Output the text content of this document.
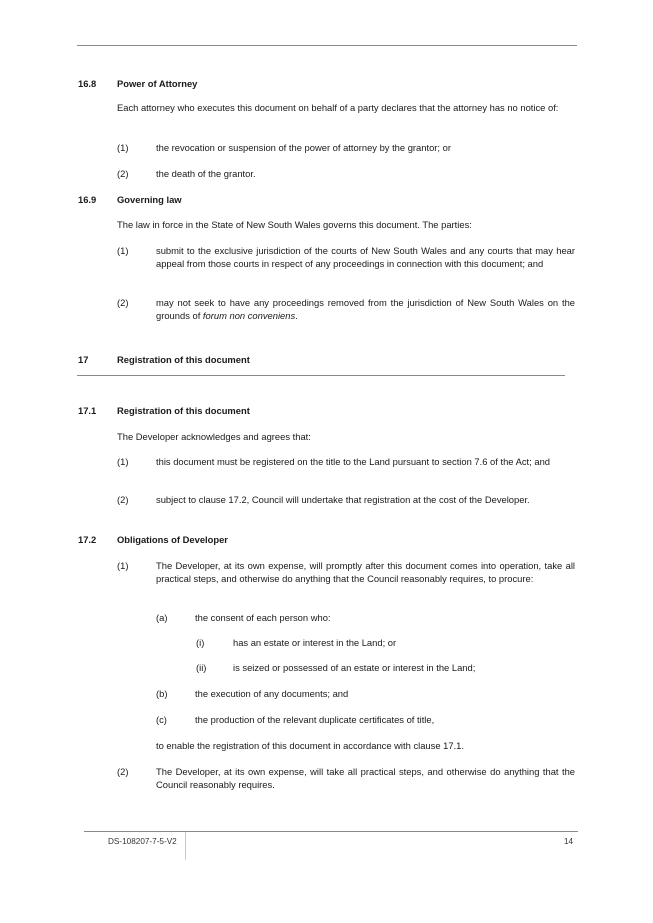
16.8 Power of Attorney
Each attorney who executes this document on behalf of a party declares that the attorney has no notice of:
(1)	the revocation or suspension of the power of attorney by the grantor; or
(2)	the death of the grantor.
16.9 Governing law
The law in force in the State of New South Wales governs this document. The parties:
(1)	submit to the exclusive jurisdiction of the courts of New South Wales and any courts that may hear appeal from those courts in respect of any proceedings in connection with this document; and
(2)	may not seek to have any proceedings removed from the jurisdiction of New South Wales on the grounds of forum non conveniens.
17	Registration of this document
17.1 Registration of this document
The Developer acknowledges and agrees that:
(1)	this document must be registered on the title to the Land pursuant to section 7.6 of the Act; and
(2)	subject to clause 17.2, Council will undertake that registration at the cost of the Developer.
17.2 Obligations of Developer
(1)	The Developer, at its own expense, will promptly after this document comes into operation, take all practical steps, and otherwise do anything that the Council reasonably requires, to procure:
(a)	the consent of each person who:
(i)	has an estate or interest in the Land; or
(ii)	is seized or possessed of an estate or interest in the Land;
(b)	the execution of any documents; and
(c)	the production of the relevant duplicate certificates of title,
to enable the registration of this document in accordance with clause 17.1.
(2)	The Developer, at its own expense, will take all practical steps, and otherwise do anything that the Council reasonably requires.
DS-108207-7-5-V2	14
